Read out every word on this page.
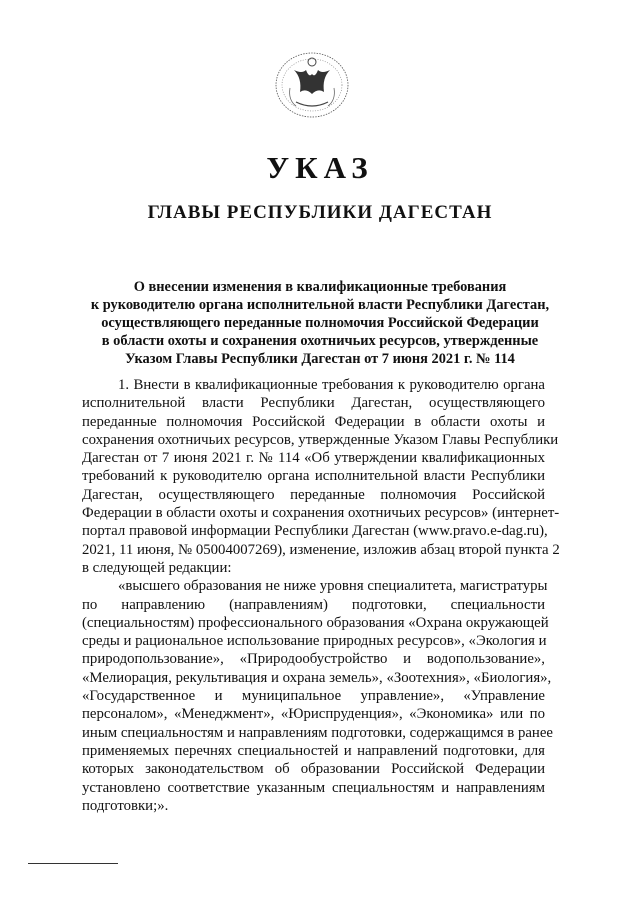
УКАЗ
ГЛАВЫ РЕСПУБЛИКИ ДАГЕСТАН
О внесении изменения в квалификационные требования
к руководителю органа исполнительной власти Республики Дагестан,
осуществляющего переданные полномочия Российской Федерации
в области охоты и сохранения охотничьих ресурсов, утвержденные
Указом Главы Республики Дагестан от 7 июня 2021 г. № 114
1. Внести в квалификационные требования к руководителю органа
исполнительной власти Республики Дагестан, осуществляющего
переданные полномочия Российской Федерации в области охоты и
сохранения охотничьих ресурсов, утвержденные Указом Главы Республики
Дагестан от 7 июня 2021 г. № 114 «Об утверждении квалификационных
требований к руководителю органа исполнительной власти Республики
Дагестан, осуществляющего переданные полномочия Российской
Федерации в области охоты и сохранения охотничьих ресурсов» (интернет-
портал правовой информации Республики Дагестан (www.pravo.e-dag.ru),
2021, 11 июня, № 05004007269), изменение, изложив абзац второй пункта 2
в следующей редакции:
«высшего образования не ниже уровня специалитета, магистратуры
по направлению (направлениям) подготовки, специальности
(специальностям) профессионального образования «Охрана окружающей
среды и рациональное использование природных ресурсов», «Экология и
природопользование», «Природообустройство и водопользование»,
«Мелиорация, рекультивация и охрана земель», «Зоотехния», «Биология»,
«Государственное и муниципальное управление», «Управление
персоналом», «Менеджмент», «Юриспруденция», «Экономика» или по
иным специальностям и направлениям подготовки, содержащимся в ранее
применяемых перечнях специальностей и направлений подготовки, для
которых законодательством об образовании Российской Федерации
установлено соответствие указанным специальностям и направлениям
подготовки;».
